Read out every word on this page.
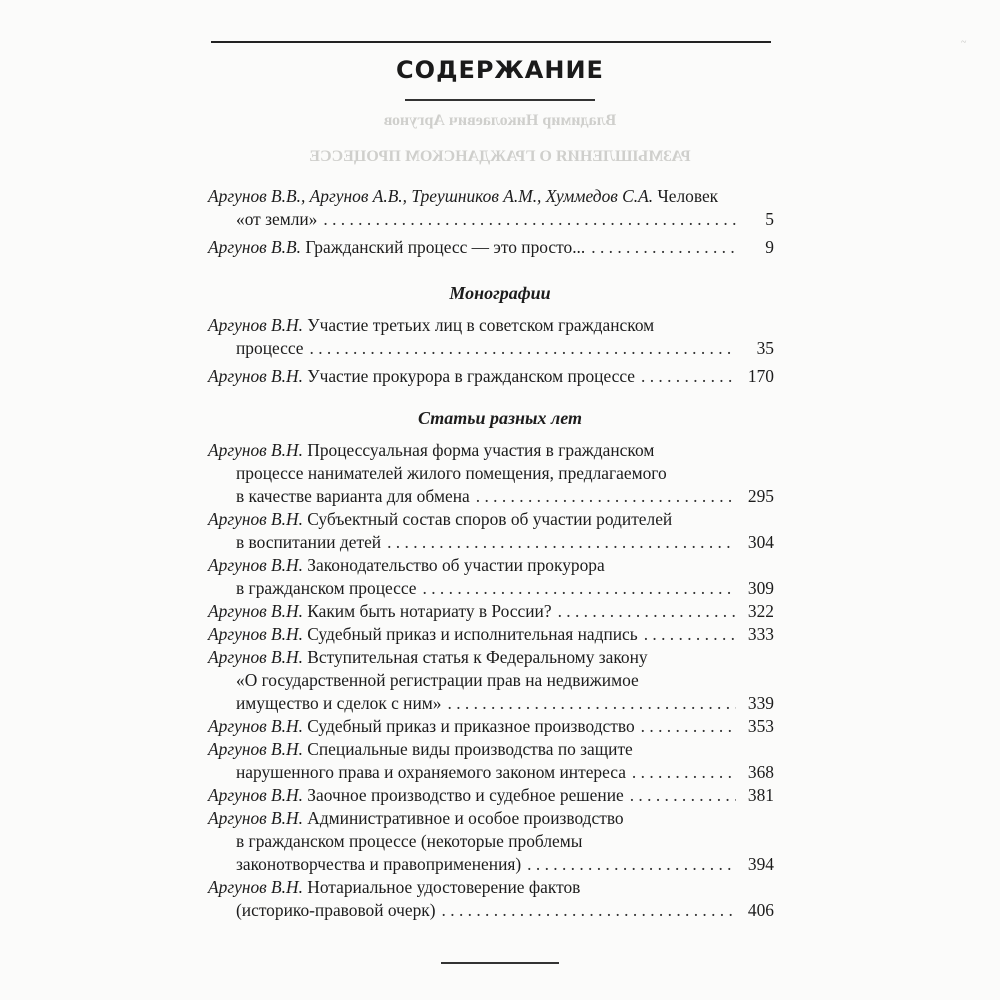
~
Владимир Николаевич Аргунов
РАЗМЫШЛЕНИЯ О ГРАЖДАНСКОМ ПРОЦЕССЕ
СОДЕРЖАНИЕ
Аргунов В.В., Аргунов А.В., Треушников А.М., Хуммедов С.А. Человек
«от земли» . . .	5
Аргунов В.В. Гражданский процесс — это просто... . . .	9
Монографии
Аргунов В.Н. Участие третьих лиц в советском гражданском
процессе . . .	35
Аргунов В.Н. Участие прокурора в гражданском процессе . . .	170
Статьи разных лет
Аргунов В.Н. Процессуальная форма участия в гражданском
процессе нанимателей жилого помещения, предлагаемого
в качестве варианта для обмена . . .	295
Аргунов В.Н. Субъектный состав споров об участии родителей
в воспитании детей . . .	304
Аргунов В.Н. Законодательство об участии прокурора
в гражданском процессе . . .	309
Аргунов В.Н. Каким быть нотариату в России? . . .	322
Аргунов В.Н. Судебный приказ и исполнительная надпись . . .	333
Аргунов В.Н. Вступительная статья к Федеральному закону
«О государственной регистрации прав на недвижимое
имущество и сделок с ним» . . .	339
Аргунов В.Н. Судебный приказ и приказное производство . . .	353
Аргунов В.Н. Специальные виды производства по защите
нарушенного права и охраняемого законом интереса . . .	368
Аргунов В.Н. Заочное производство и судебное решение . . .	381
Аргунов В.Н. Административное и особое производство
в гражданском процессе (некоторые проблемы
законотворчества и правоприменения) . . .	394
Аргунов В.Н. Нотариальное удостоверение фактов
(историко-правовой очерк) . . .	406
